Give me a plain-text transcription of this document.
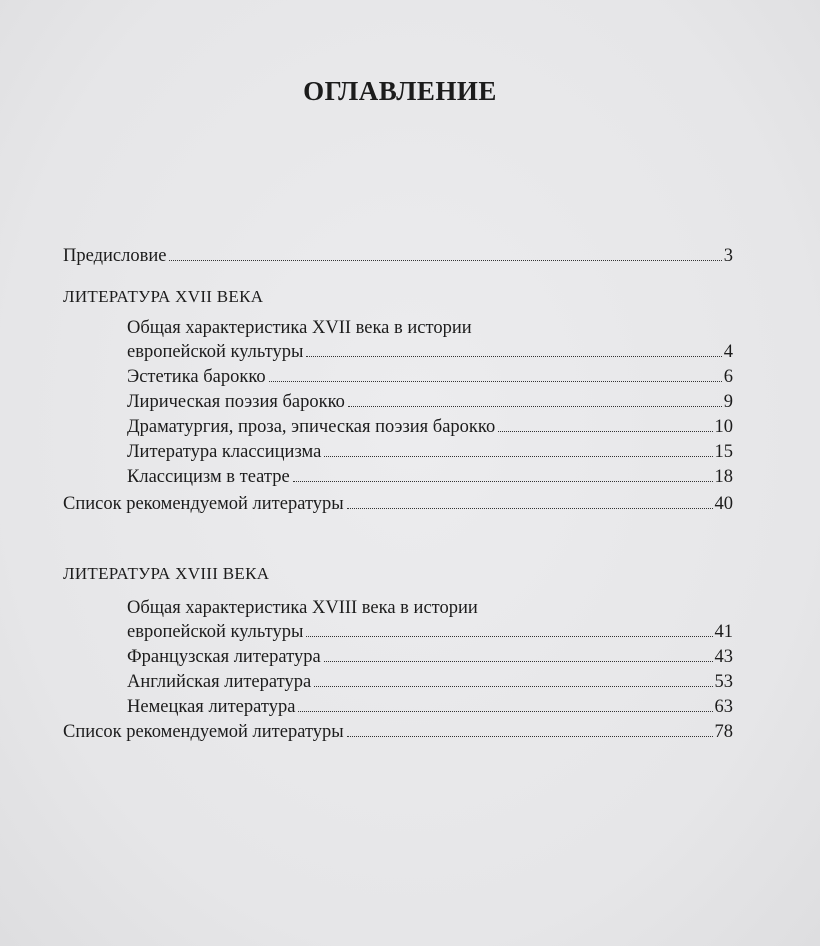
ОГЛАВЛЕНИЕ
Предисловие	3
ЛИТЕРАТУРА XVII ВЕКА
Общая характеристика XVII века в истории
европейской культуры	4
Эстетика барокко	6
Лирическая поэзия барокко	9
Драматургия, проза, эпическая поэзия барокко	10
Литература классицизма	15
Классицизм в театре	18
Список рекомендуемой литературы	40
ЛИТЕРАТУРА XVIII ВЕКА
Общая характеристика XVIII века в истории
европейской культуры	41
Французская литература	43
Английская литература	53
Немецкая литература	63
Список рекомендуемой литературы	78
